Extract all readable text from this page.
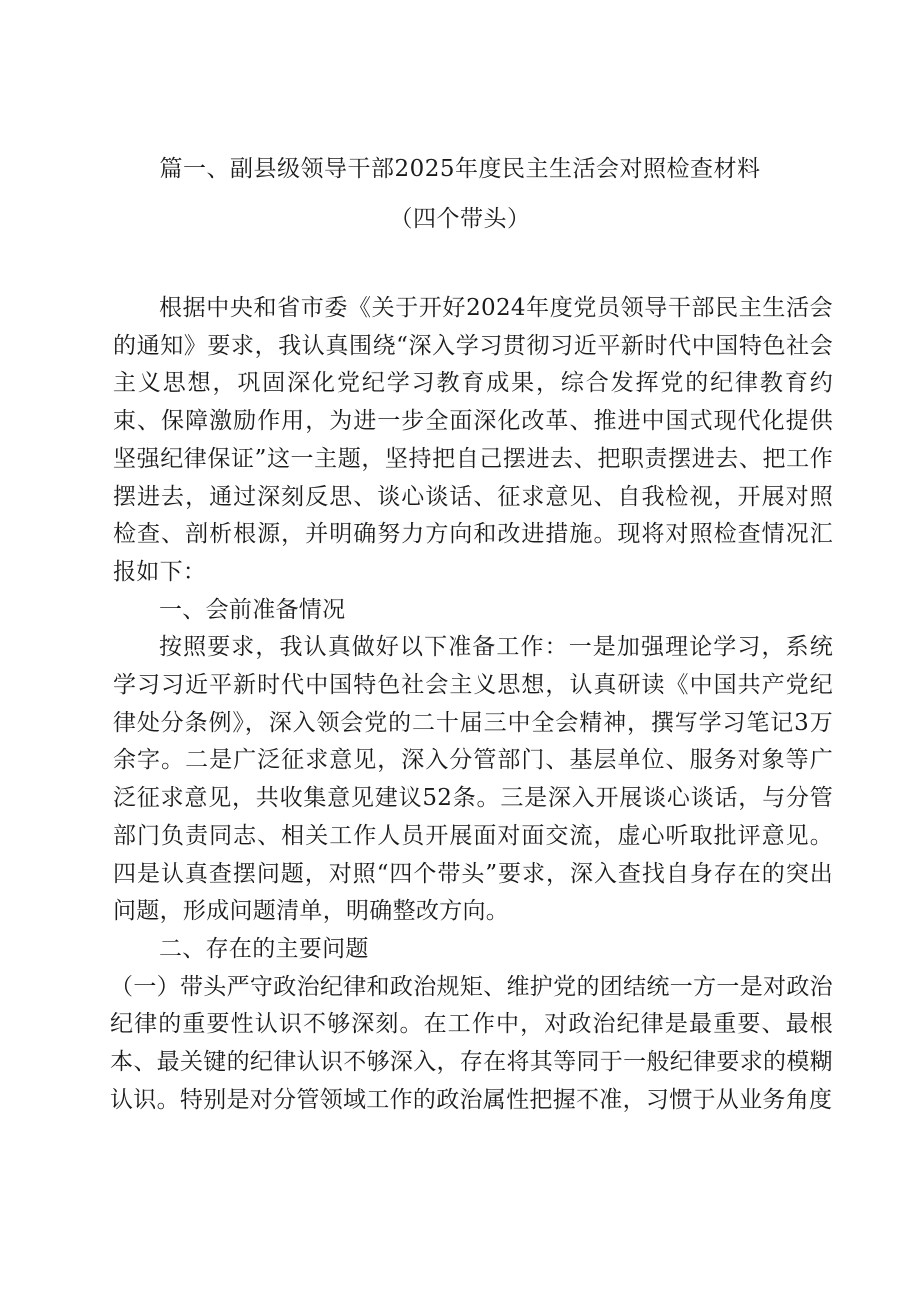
篇一、副县级领导干部2025年度民主生活会对照检查材料
（四个带头）

根据中央和省市委《关于开好2024年度党员领导干部民主生活会的通知》要求，我认真围绕“深入学习贯彻习近平新时代中国特色社会主义思想，巩固深化党纪学习教育成果，综合发挥党的纪律教育约束、保障激励作用，为进一步全面深化改革、推进中国式现代化提供坚强纪律保证”这一主题，坚持把自己摆进去、把职责摆进去、把工作摆进去，通过深刻反思、谈心谈话、征求意见、自我检视，开展对照检查、剖析根源，并明确努力方向和改进措施。现将对照检查情况汇报如下：

一、会前准备情况

按照要求，我认真做好以下准备工作：一是加强理论学习，系统学习习近平新时代中国特色社会主义思想，认真研读《中国共产党纪律处分条例》，深入领会党的二十届三中全会精神，撰写学习笔记3万余字。二是广泛征求意见，深入分管部门、基层单位、服务对象等广泛征求意见，共收集意见建议52条。三是深入开展谈心谈话，与分管部门负责同志、相关工作人员开展面对面交流，虚心听取批评意见。四是认真查摆问题，对照“四个带头”要求，深入查找自身存在的突出问题，形成问题清单，明确整改方向。

二、存在的主要问题

（一）带头严守政治纪律和政治规矩、维护党的团结统一方一是对政治纪律的重要性认识不够深刻。在工作中，对政治纪律是最重要、最根本、最关键的纪律认识不够深入，存在将其等同于一般纪律要求的模糊认识。特别是对分管领域工作的政治属性把握不准，习惯于从业务角度
